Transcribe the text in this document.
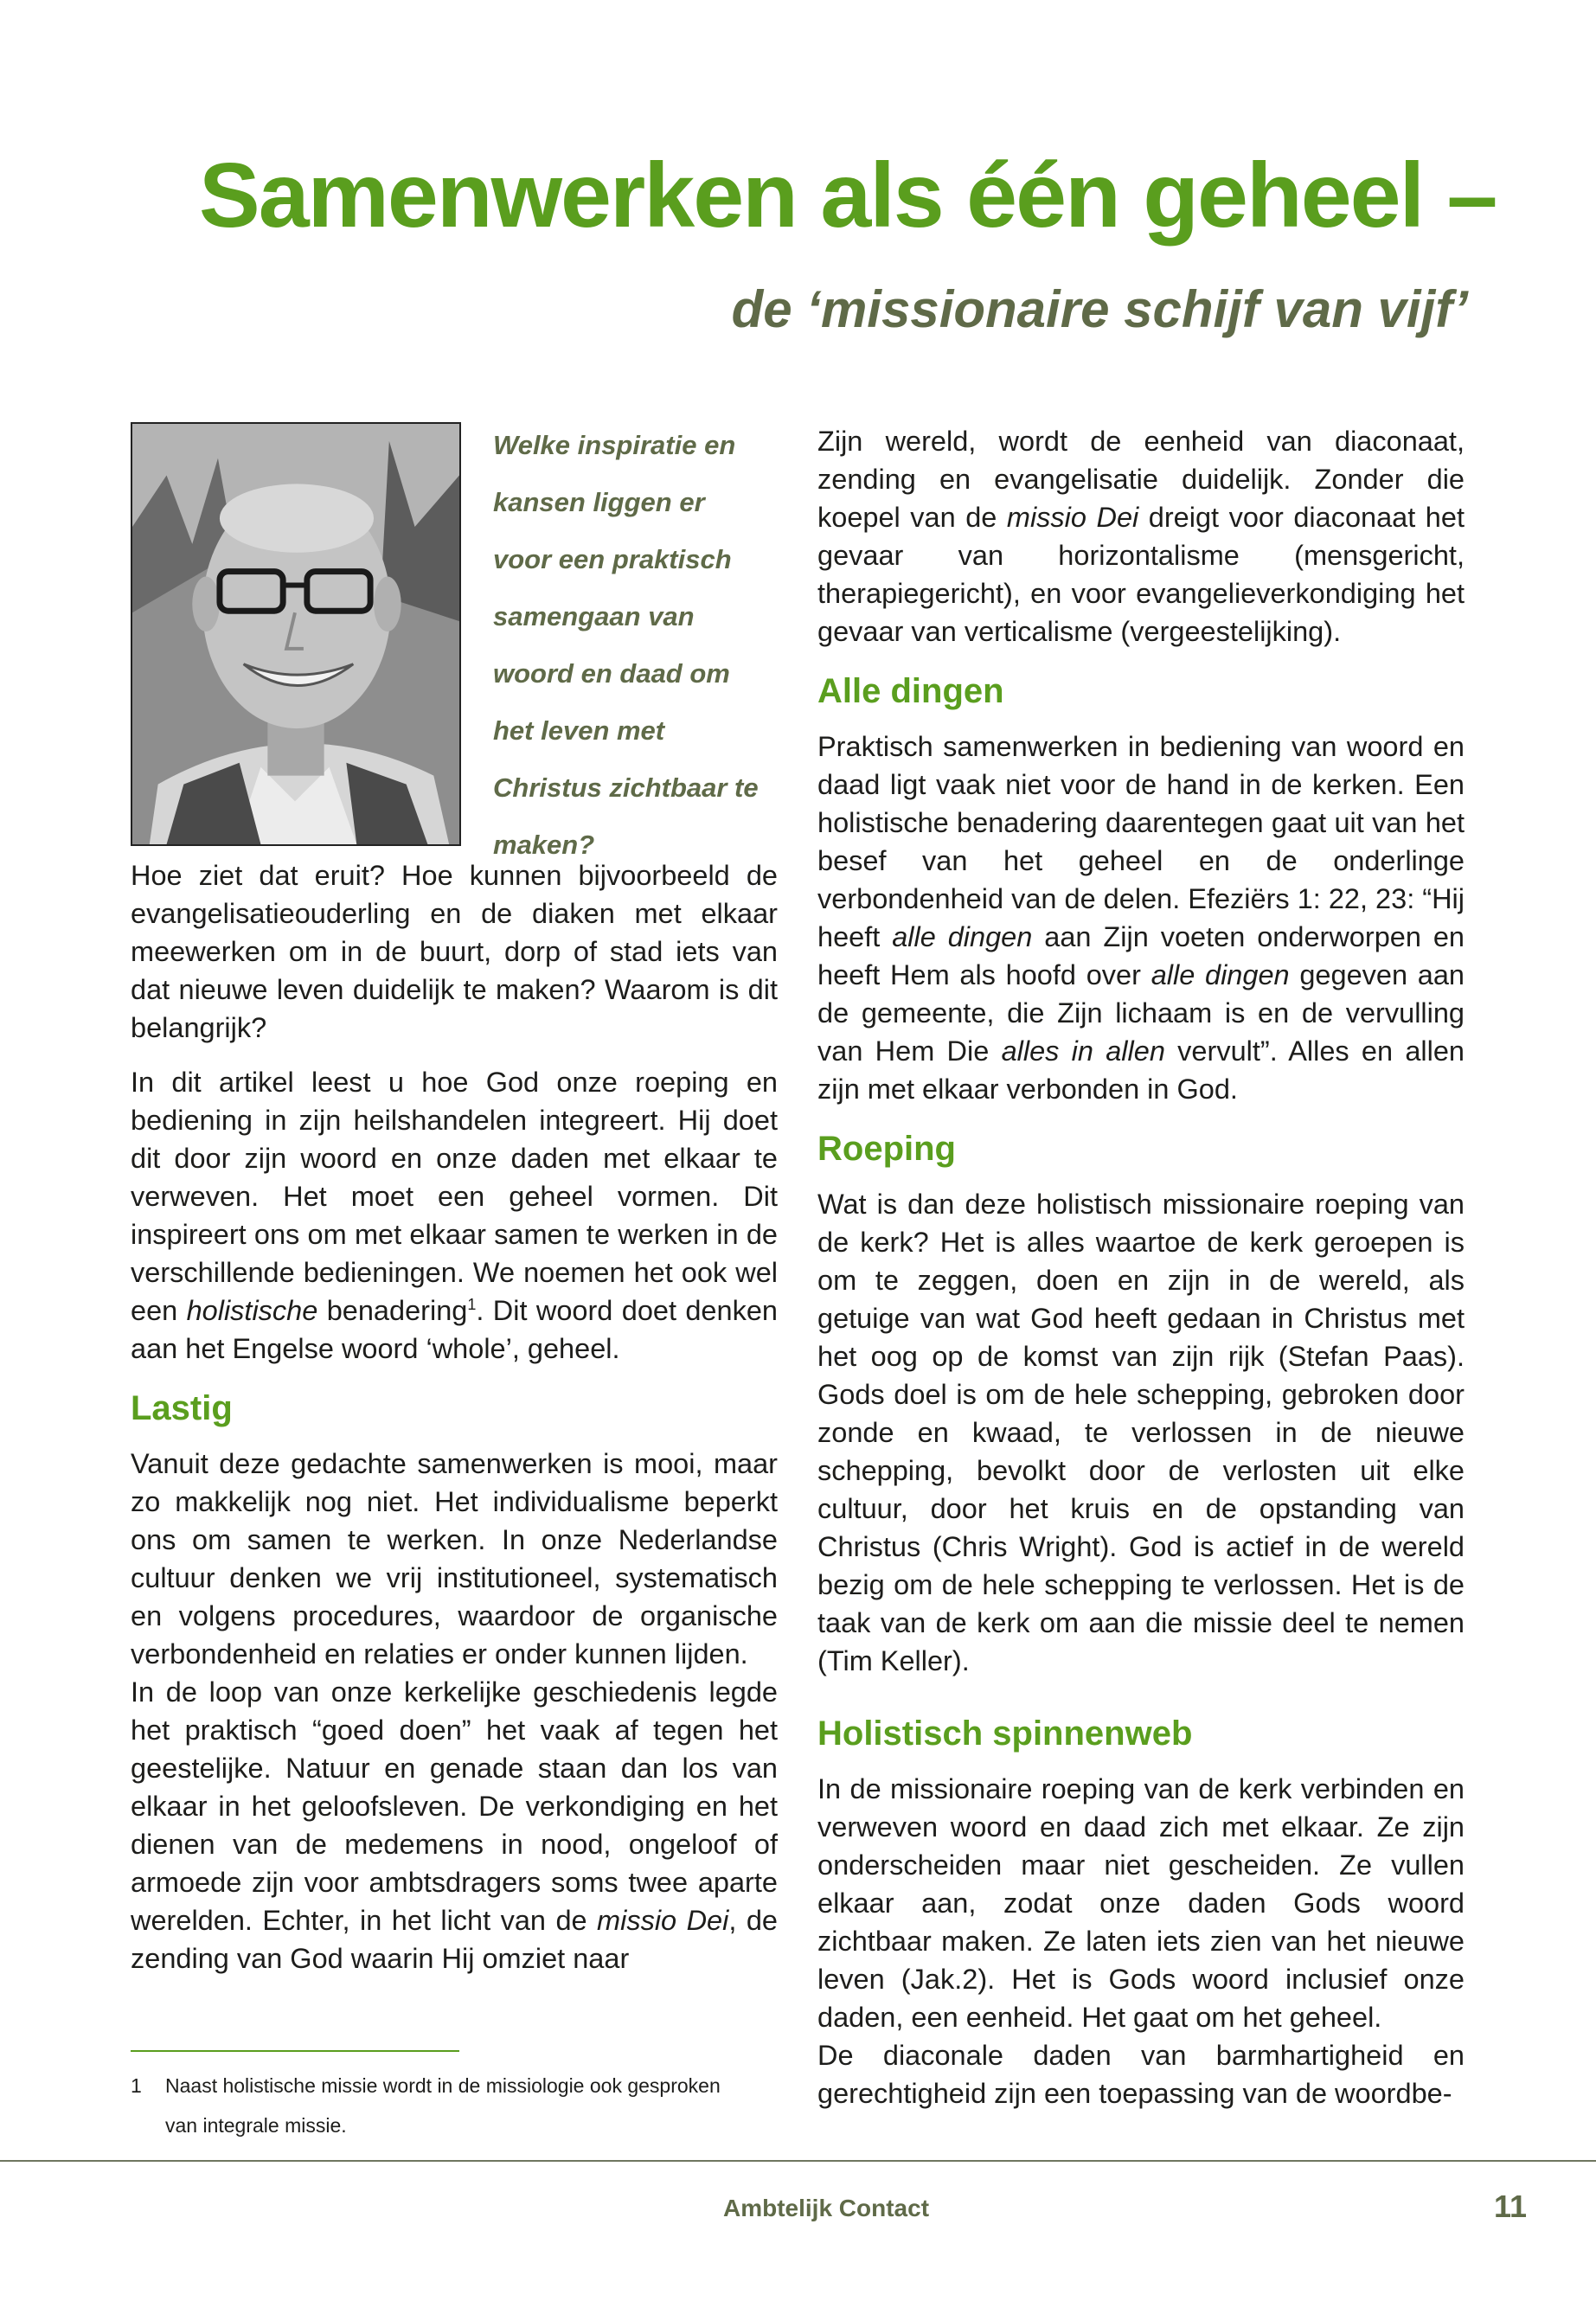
Samenwerken als één geheel –
de ‘missionaire schijf van vijf’

Welke inspiratie en kansen liggen er voor een praktisch samengaan van woord en daad om het leven met Christus zichtbaar te maken?

Hoe ziet dat eruit? Hoe kunnen bijvoorbeeld de evangelisatieouderling en de diaken met elkaar meewerken om in de buurt, dorp of stad iets van dat nieuwe leven duidelijk te maken? Waarom is dit belangrijk?

In dit artikel leest u hoe God onze roeping en bediening in zijn heilshandelen integreert. Hij doet dit door zijn woord en onze daden met elkaar te verweven. Het moet een geheel vormen. Dit inspireert ons om met elkaar samen te werken in de verschillende bedieningen. We noemen het ook wel een holistische benadering$^1$. Dit woord doet denken aan het Engelse woord ‘whole’, geheel.

Lastig

Vanuit deze gedachte samenwerken is mooi, maar zo makkelijk nog niet. Het individualisme beperkt ons om samen te werken. In onze Nederlandse cultuur denken we vrij institutioneel, systematisch en volgens procedures, waardoor de organische verbondenheid en relaties er onder kunnen lijden.

In de loop van onze kerkelijke geschiedenis legde het praktisch “goed doen” het vaak af tegen het geestelijke. Natuur en genade staan dan los van elkaar in het geloofsleven. De verkondiging en het dienen van de medemens in nood, ongeloof of armoede zijn voor ambtsdragers soms twee aparte werelden. Echter, in het licht van de missio Dei, de zending van God waarin Hij omziet naar

Zijn wereld, wordt de eenheid van diaconaat, zending en evangelisatie duidelijk. Zonder die koepel van de missio Dei dreigt voor diaconaat het gevaar van horizontalisme (mensgericht, therapiegericht), en voor evangelieverkondiging het gevaar van verticalisme (vergeestelijking).

Alle dingen

Praktisch samenwerken in bediening van woord en daad ligt vaak niet voor de hand in de kerken. Een holistische benadering daarentegen gaat uit van het besef van het geheel en de onderlinge verbondenheid van de delen. Efeziërs 1: 22, 23: “Hij heeft alle dingen aan Zijn voeten onderworpen en heeft Hem als hoofd over alle dingen gegeven aan de gemeente, die Zijn lichaam is en de vervulling van Hem Die alles in allen vervult”. Alles en allen zijn met elkaar verbonden in God.

Roeping

Wat is dan deze holistisch missionaire roeping van de kerk? Het is alles waartoe de kerk geroepen is om te zeggen, doen en zijn in de wereld, als getuige van wat God heeft gedaan in Christus met het oog op de komst van zijn rijk (Stefan Paas). Gods doel is om de hele schepping, gebroken door zonde en kwaad, te verlossen in de nieuwe schepping, bevolkt door de verlosten uit elke cultuur, door het kruis en de opstanding van Christus (Chris Wright). God is actief in de wereld bezig om de hele schepping te verlossen. Het is de taak van de kerk om aan die missie deel te nemen (Tim Keller).

Holistisch spinnenweb

In de missionaire roeping van de kerk verbinden en verweven woord en daad zich met elkaar. Ze zijn onderscheiden maar niet gescheiden. Ze vullen elkaar aan, zodat onze daden Gods woord zichtbaar maken. Ze laten iets zien van het nieuwe leven (Jak.2). Het is Gods woord inclusief onze daden, een eenheid. Het gaat om het geheel.

De diaconale daden van barmhartigheid en gerechtigheid zijn een toepassing van de woordbe-

1 Naast holistische missie wordt in de missiologie ook gesproken
van integrale missie.
Ambtelijk Contact	11
